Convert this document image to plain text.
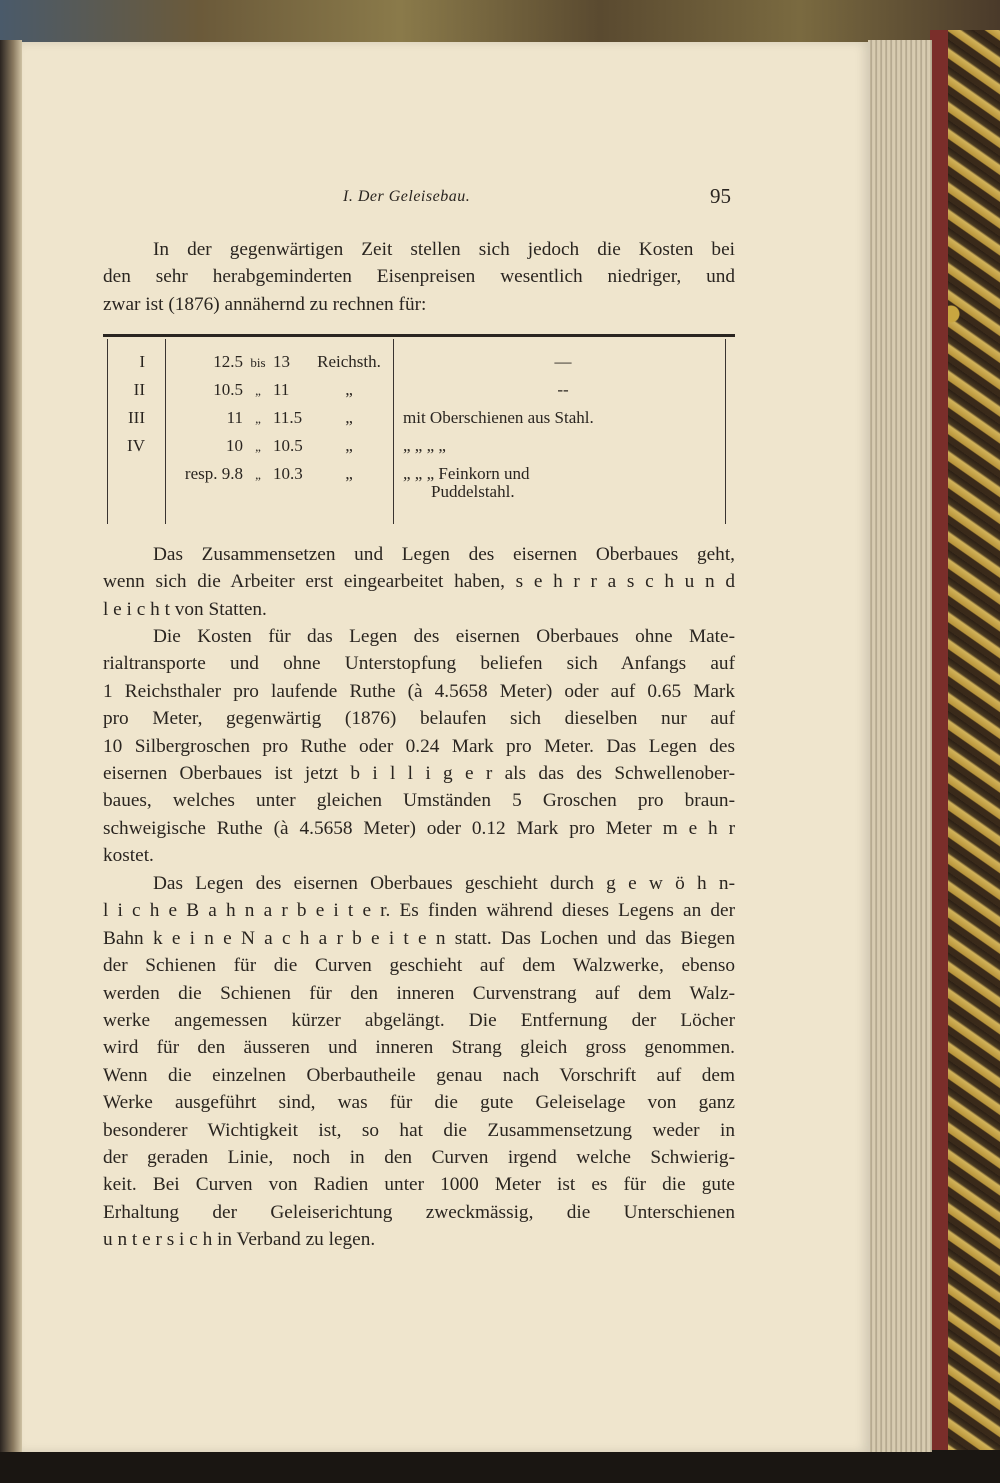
I. Der Geleisebau.	95
In der gegenwärtigen Zeit stellen sich jedoch die Kosten bei
den sehr herabgeminderten Eisenpreisen wesentlich niedriger, und
zwar ist (1876) annähernd zu rechnen für:
I	12.5 bis 13 Reichsth.	—
II	10.5 „ 11	„	--
III	11 „ 11.5	„	mit Oberschienen aus Stahl.
IV	10 „ 10.5 „	„ „ „ „
resp. 9.8 „ 10.3 „	„ „ „ Feinkorn und
Puddelstahl.
Das Zusammensetzen und Legen des eisernen Oberbaues geht,
wenn sich die Arbeiter erst eingearbeitet haben, s e h r r a s c h u n d
l e i c h t von Statten.
Die Kosten für das Legen des eisernen Oberbaues ohne Mate-
rialtransporte und ohne Unterstopfung beliefen sich Anfangs auf
1 Reichsthaler pro laufende Ruthe (à 4.5658 Meter) oder auf 0.65 Mark
pro Meter, gegenwärtig (1876) belaufen sich dieselben nur auf
10 Silbergroschen pro Ruthe oder 0.24 Mark pro Meter. Das Legen des
eisernen Oberbaues ist jetzt b i l l i g e r als das des Schwellenober-
baues, welches unter gleichen Umständen 5 Groschen pro braun-
schweigische Ruthe (à 4.5658 Meter) oder 0.12 Mark pro Meter m e h r
kostet.
Das Legen des eisernen Oberbaues geschieht durch g e w ö h n-
l i c h e B a h n a r b e i t e r. Es finden während dieses Legens an der
Bahn k e i n e N a c h a r b e i t e n statt. Das Lochen und das Biegen
der Schienen für die Curven geschieht auf dem Walzwerke, ebenso
werden die Schienen für den inneren Curvenstrang auf dem Walz-
werke angemessen kürzer abgelängt. Die Entfernung der Löcher
wird für den äusseren und inneren Strang gleich gross genommen.
Wenn die einzelnen Oberbautheile genau nach Vorschrift auf dem
Werke ausgeführt sind, was für die gute Geleiselage von ganz
besonderer Wichtigkeit ist, so hat die Zusammensetzung weder in
der geraden Linie, noch in den Curven irgend welche Schwierig-
keit. Bei Curven von Radien unter 1000 Meter ist es für die gute
Erhaltung der Geleiserichtung zweckmässig, die Unterschienen
u n t e r s i c h in Verband zu legen.
